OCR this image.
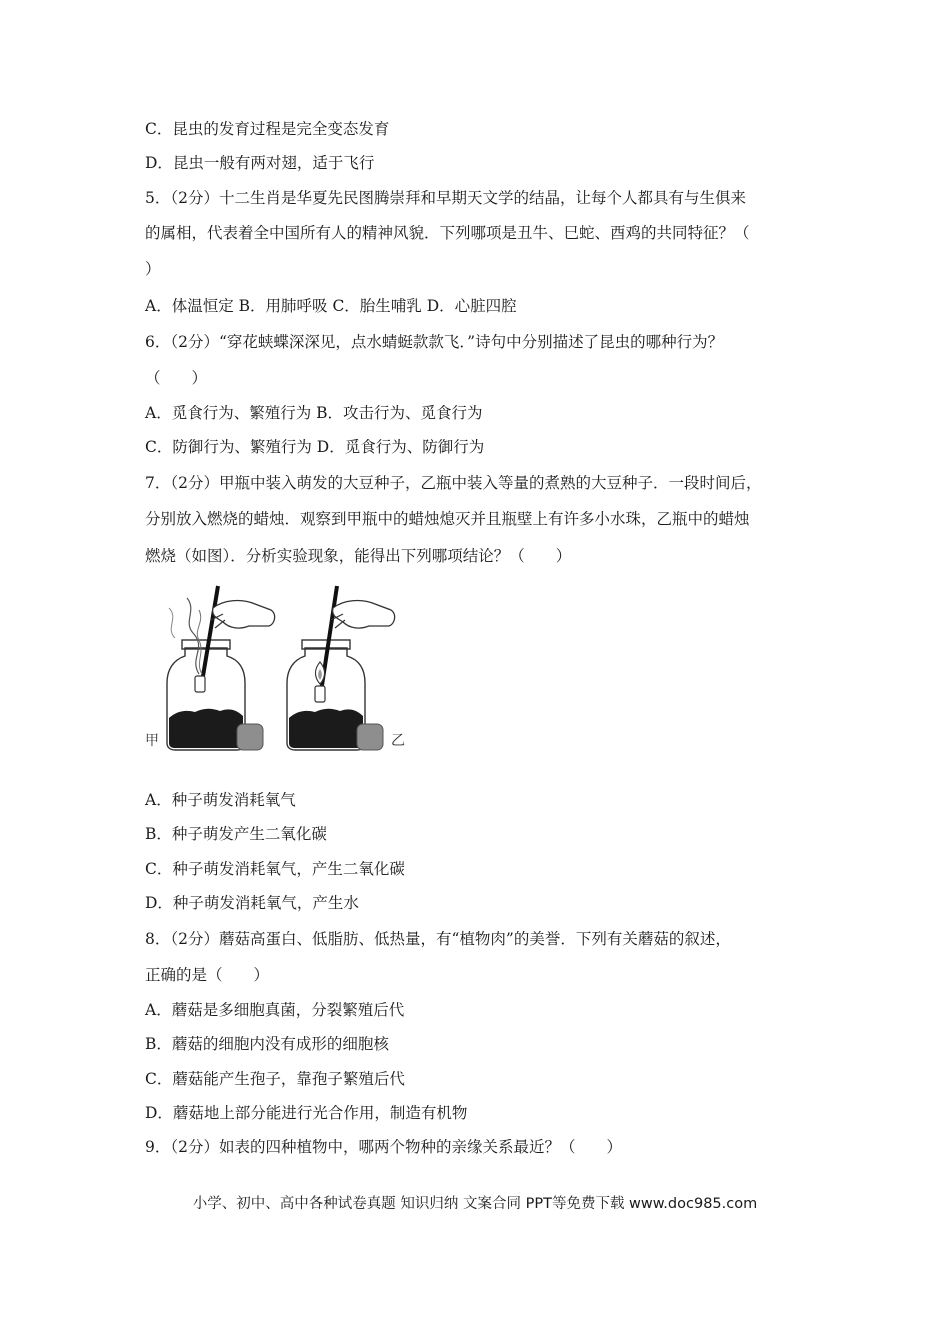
C．昆虫的发育过程是完全变态发育
D．昆虫一般有两对翅，适于飞行
5．（2分）十二生肖是华夏先民图腾崇拜和早期天文学的结晶，让每个人都具有与生俱来
的属相，代表着全中国所有人的精神风貌．下列哪项是丑牛、巳蛇、酉鸡的共同特征？（
）
A．体温恒定 B．用肺呼吸 C．胎生哺乳 D．心脏四腔
6．（2分）“穿花蛱蝶深深见，点水蜻蜓款款飞．”诗句中分别描述了昆虫的哪种行为？
（　　）
A．觅食行为、繁殖行为 B．攻击行为、觅食行为
C．防御行为、繁殖行为 D．觅食行为、防御行为
7．（2分）甲瓶中装入萌发的大豆种子，乙瓶中装入等量的煮熟的大豆种子．一段时间后，
分别放入燃烧的蜡烛．观察到甲瓶中的蜡烛熄灭并且瓶壁上有许多小水珠，乙瓶中的蜡烛
燃烧（如图）．分析实验现象，能得出下列哪项结论？（　　）
甲	乙
A．种子萌发消耗氧气
B．种子萌发产生二氧化碳
C．种子萌发消耗氧气，产生二氧化碳
D．种子萌发消耗氧气，产生水
8．（2分）蘑菇高蛋白、低脂肪、低热量，有“植物肉”的美誉．下列有关蘑菇的叙述，
正确的是（　　）
A．蘑菇是多细胞真菌，分裂繁殖后代
B．蘑菇的细胞内没有成形的细胞核
C．蘑菇能产生孢子，靠孢子繁殖后代
D．蘑菇地上部分能进行光合作用，制造有机物
9．（2分）如表的四种植物中，哪两个物种的亲缘关系最近？（　　）
小学、初中、高中各种试卷真题 知识归纳 文案合同 PPT等免费下载 www.doc985.com
